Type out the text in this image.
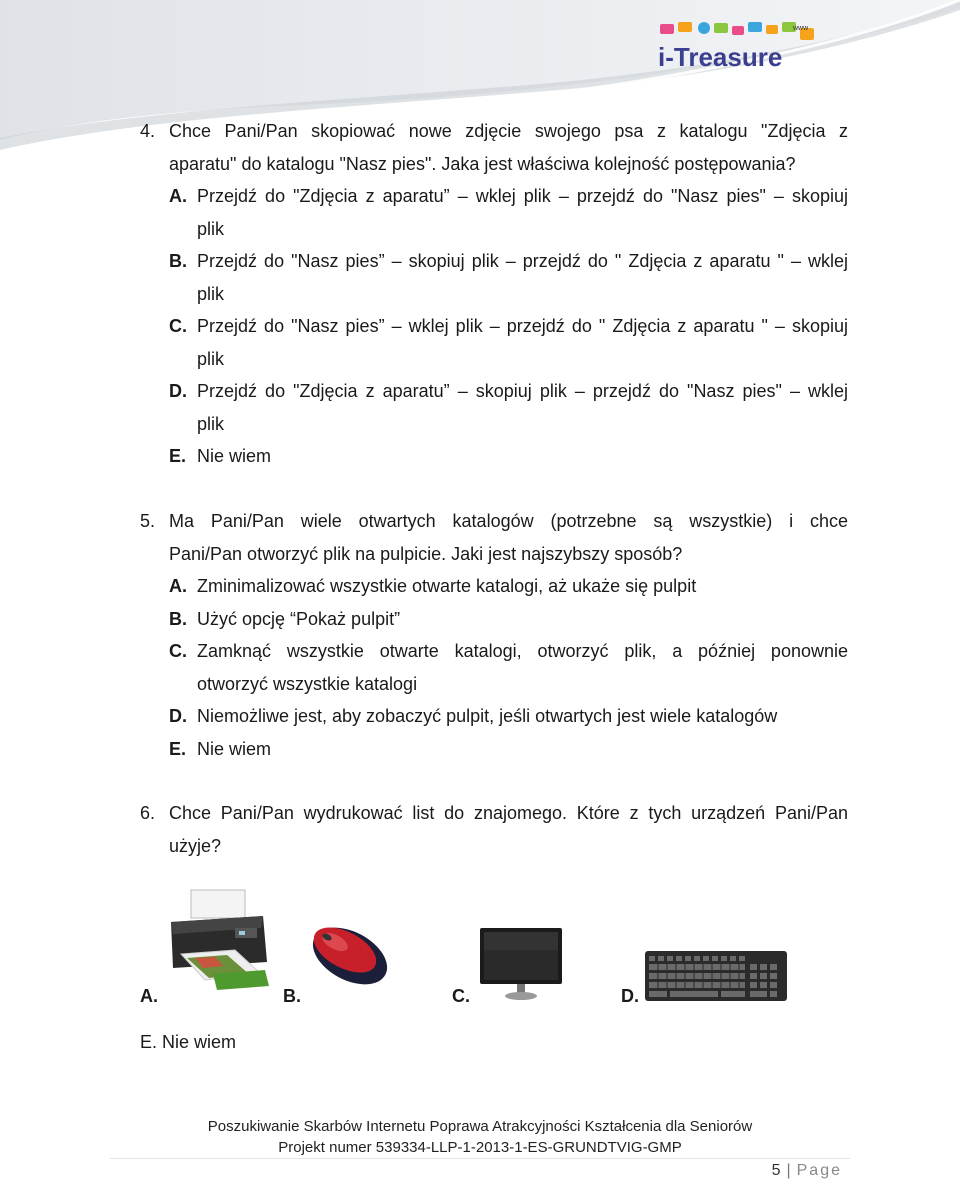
www
i-Treasure
4. Chce Pani/Pan skopiować nowe zdjęcie swojego psa z katalogu "Zdjęcia z
aparatu" do katalogu "Nasz pies". Jaka jest właściwa kolejność postępowania?
A. Przejdź do "Zdjęcia z aparatu” – wklej plik – przejdź do "Nasz pies" – skopiuj
plik
B. Przejdź do "Nasz pies” – skopiuj plik – przejdź do " Zdjęcia z aparatu " – wklej
plik
C. Przejdź do "Nasz pies” – wklej plik – przejdź do " Zdjęcia z aparatu " – skopiuj
plik
D. Przejdź do "Zdjęcia z aparatu” – skopiuj plik – przejdź do "Nasz pies" – wklej
plik
E. Nie wiem
5. Ma Pani/Pan wiele otwartych katalogów (potrzebne są wszystkie) i chce
Pani/Pan otworzyć plik na pulpicie. Jaki jest najszybszy sposób?
A. Zminimalizować wszystkie otwarte katalogi, aż ukaże się pulpit
B. Użyć opcję “Pokaż pulpit”
C. Zamknąć wszystkie otwarte katalogi, otworzyć plik, a później ponownie
otworzyć wszystkie katalogi
D. Niemożliwe jest, aby zobaczyć pulpit, jeśli otwartych jest wiele katalogów
E. Nie wiem
6. Chce Pani/Pan wydrukować list do znajomego. Które z tych urządzeń Pani/Pan
użyje?
A.	B.	C.	D.
E. Nie wiem
Poszukiwanie Skarbów Internetu Poprawa Atrakcyjności Kształcenia dla Seniorów
Projekt numer 539334-LLP-1-2013-1-ES-GRUNDTVIG-GMP
5 | Page
